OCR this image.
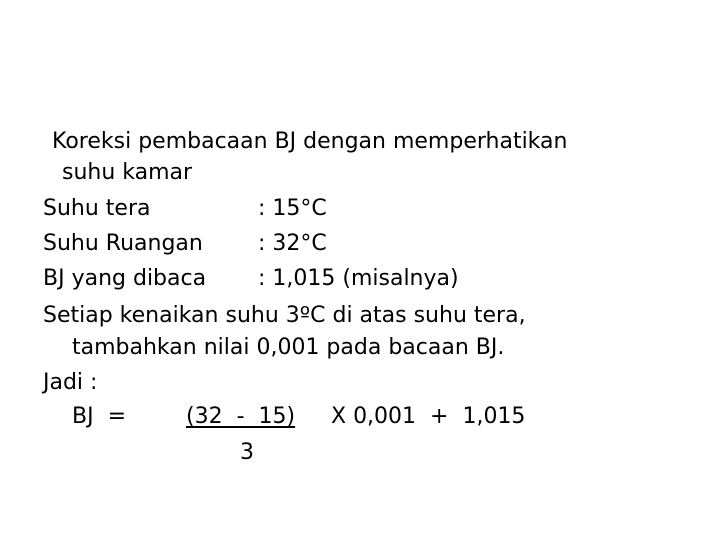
Koreksi pembacaan BJ dengan memperhatikan
suhu kamar
Suhu tera	: 15°C
Suhu Ruangan	: 32°C
BJ yang dibaca : 1,015 (misalnya)
Setiap kenaikan suhu 3ºC di atas suhu tera,
tambahkan nilai 0,001 pada bacaan BJ.
Jadi :
BJ  =	(32  -  15) X 0,001  +  1,015
3
